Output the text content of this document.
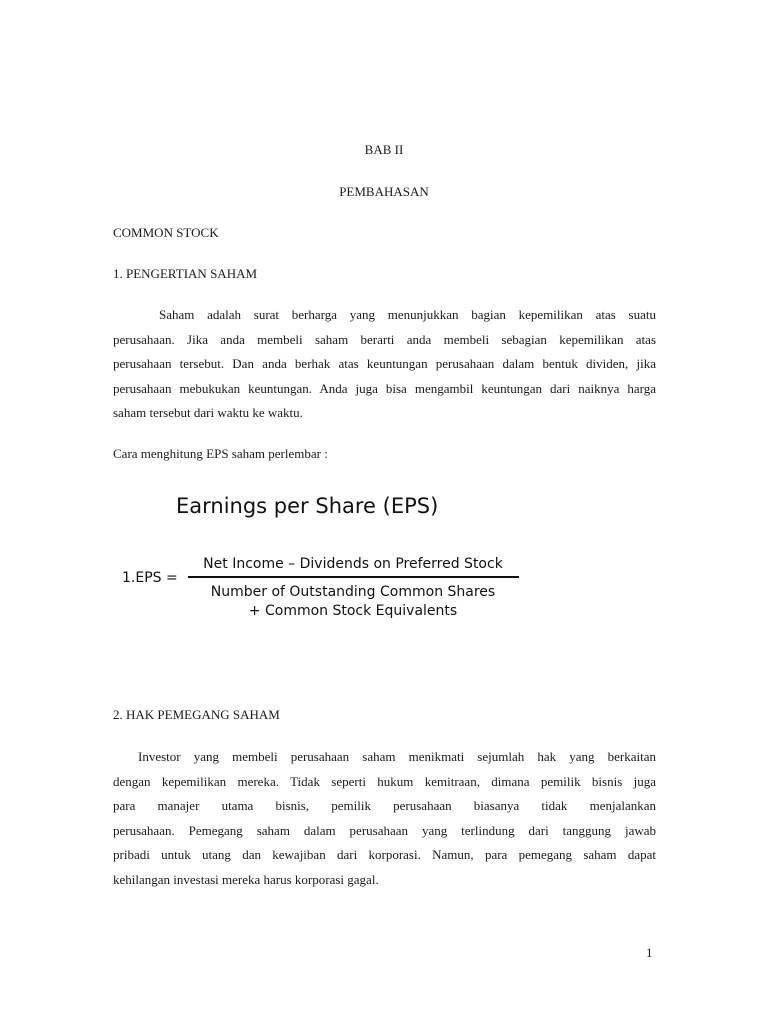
BAB II

PEMBAHASAN

COMMON STOCK

1. PENGERTIAN SAHAM

Saham adalah surat berharga yang menunjukkan bagian kepemilikan atas suatu
perusahaan. Jika anda membeli saham berarti anda membeli sebagian kepemilikan atas
perusahaan tersebut. Dan anda berhak atas keuntungan perusahaan dalam bentuk dividen, jika
perusahaan mebukukan keuntungan. Anda juga bisa mengambil keuntungan dari naiknya harga
saham tersebut dari waktu ke waktu.

Cara menghitung EPS saham perlembar :

Earnings per Share (EPS)
1.EPS =
Net Income – Dividends on Preferred Stock
Number of Outstanding Common Shares
+ Common Stock Equivalents

2. HAK PEMEGANG SAHAM

Investor yang membeli perusahaan saham menikmati sejumlah hak yang berkaitan
dengan kepemilikan mereka. Tidak seperti hukum kemitraan, dimana pemilik bisnis juga
para manajer utama bisnis, pemilik perusahaan biasanya tidak menjalankan
perusahaan. Pemegang saham dalam perusahaan yang terlindung dari tanggung jawab
pribadi untuk utang dan kewajiban dari korporasi. Namun, para pemegang saham dapat
kehilangan investasi mereka harus korporasi gagal.

1
